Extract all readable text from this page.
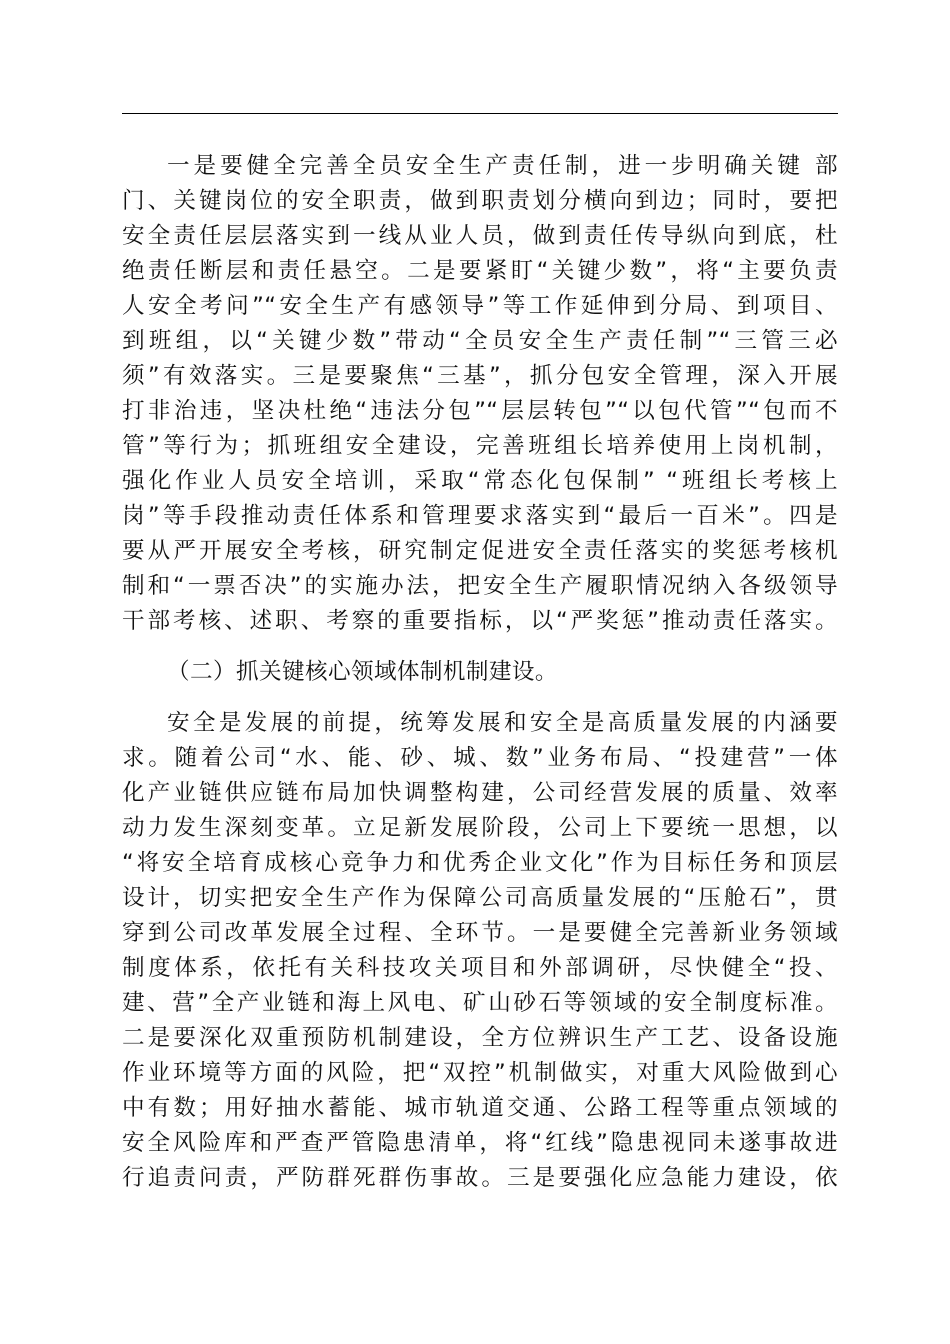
一是要健全完善全员安全生产责任制，进一步明确关键 部
门、关键岗位的安全职责，做到职责划分横向到边；同时，要把
安全责任层层落实到一线从业人员，做到责任传导纵向到底，杜
绝责任断层和责任悬空。二是要紧盯“关键少数”，将“主要负责
人安全考问”“安全生产有感领导”等工作延伸到分局、到项目、
到班组，以“关键少数”带动“全员安全生产责任制”“三管三必
须”有效落实。三是要聚焦“三基”，抓分包安全管理，深入开展
打非治违，坚决杜绝“违法分包”“层层转包”“以包代管”“包而不
管”等行为；抓班组安全建设，完善班组长培养使用上岗机制，
强化作业人员安全培训，采取“常态化包保制” “班组长考核上
岗”等手段推动责任体系和管理要求落实到“最后一百米”。四是
要从严开展安全考核，研究制定促进安全责任落实的奖惩考核机
制和“一票否决”的实施办法，把安全生产履职情况纳入各级领导
干部考核、述职、考察的重要指标，以“严奖惩”推动责任落实。
（二）抓关键核心领域体制机制建设。
安全是发展的前提，统筹发展和安全是高质量发展的内涵要
求。随着公司“水、能、砂、城、数”业务布局、“投建营”一体
化产业链供应链布局加快调整构建，公司经营发展的质量、效率
动力发生深刻变革。立足新发展阶段，公司上下要统一思想，以
“将安全培育成核心竞争力和优秀企业文化”作为目标任务和顶层
设计，切实把安全生产作为保障公司高质量发展的“压舱石”，贯
穿到公司改革发展全过程、全环节。一是要健全完善新业务领域
制度体系，依托有关科技攻关项目和外部调研，尽快健全“投、
建、营”全产业链和海上风电、矿山砂石等领域的安全制度标准。
二是要深化双重预防机制建设，全方位辨识生产工艺、设备设施
作业环境等方面的风险，把“双控”机制做实，对重大风险做到心
中有数；用好抽水蓄能、城市轨道交通、公路工程等重点领域的
安全风险库和严查严管隐患清单，将“红线”隐患视同未遂事故进
行追责问责，严防群死群伤事故。三是要强化应急能力建设，依
